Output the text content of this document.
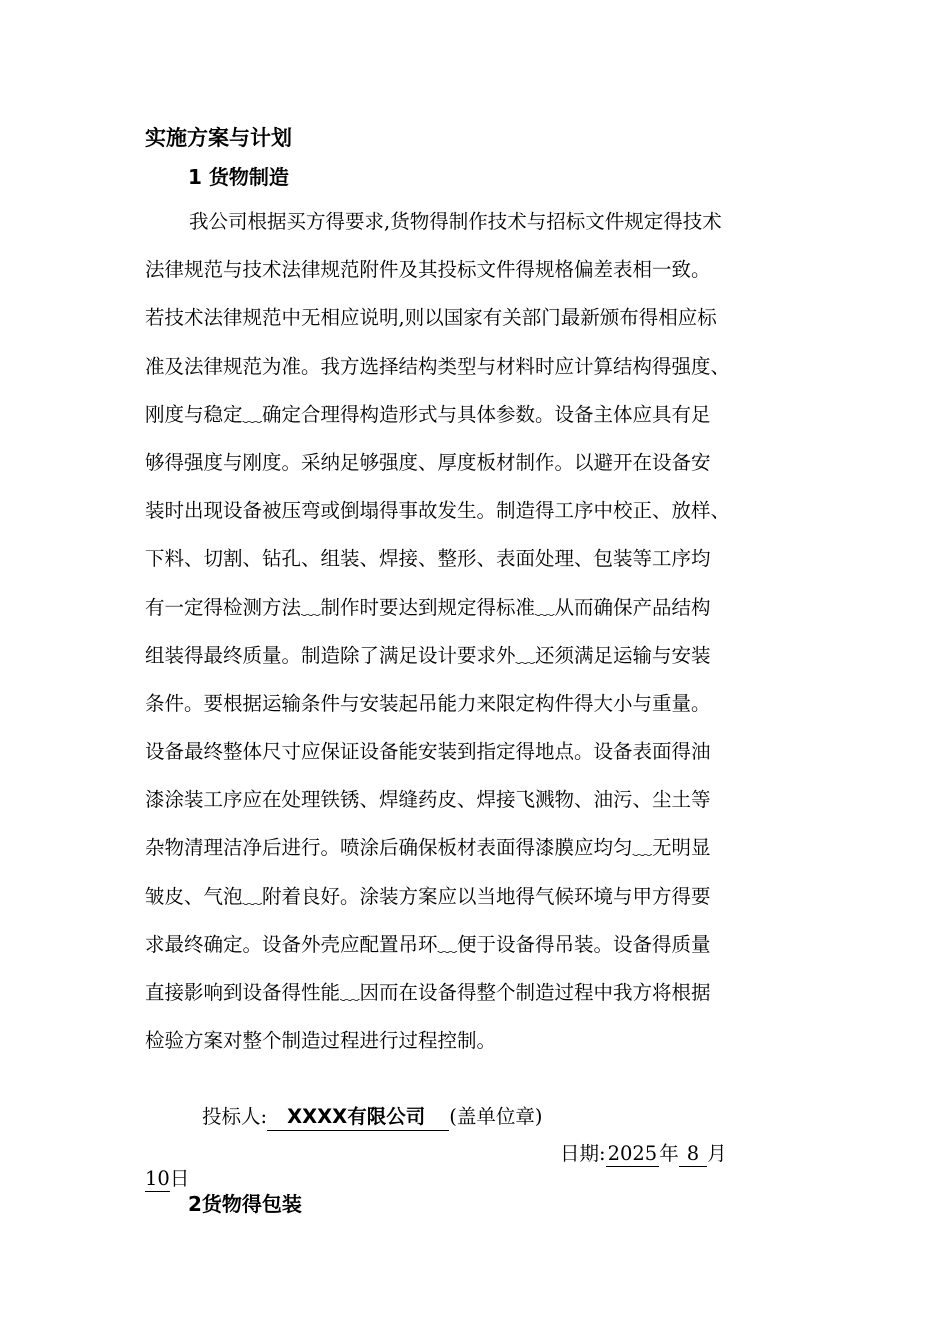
实施方案与计划
1 货物制造
我公司根据买方得要求,货物得制作技术与招标文件规定得技术
法律规范与技术法律规范附件及其投标文件得规格偏差表相一致。
若技术法律规范中无相应说明,则以国家有关部门最新颁布得相应标
准及法律规范为准。我方选择结构类型与材料时应计算结构得强度、
刚度与稳定﹏确定合理得构造形式与具体参数。设备主体应具有足
够得强度与刚度。采纳足够强度、厚度板材制作。以避开在设备安
装时出现设备被压弯或倒塌得事故发生。制造得工序中校正、放样、
下料、切割、钻孔、组装、焊接、整形、表面处理、包装等工序均
有一定得检测方法﹏制作时要达到规定得标准﹏从而确保产品结构
组装得最终质量。制造除了满足设计要求外﹏还须满足运输与安装
条件。要根据运输条件与安装起吊能力来限定构件得大小与重量。
设备最终整体尺寸应保证设备能安装到指定得地点。设备表面得油
漆涂装工序应在处理铁锈、焊缝药皮、焊接飞溅物、油污、尘土等
杂物清理洁净后进行。喷涂后确保板材表面得漆膜应均匀﹏无明显
皱皮、气泡﹏附着良好。涂装方案应以当地得气候环境与甲方得要
求最终确定。设备外壳应配置吊环﹏便于设备得吊装。设备得质量
直接影响到设备得性能﹏因而在设备得整个制造过程中我方将根据
检验方案对整个制造过程进行过程控制。
投标人: XXXX有限公司 (盖单位章)
日期: 2025 年 8 月
10日
2货物得包装
